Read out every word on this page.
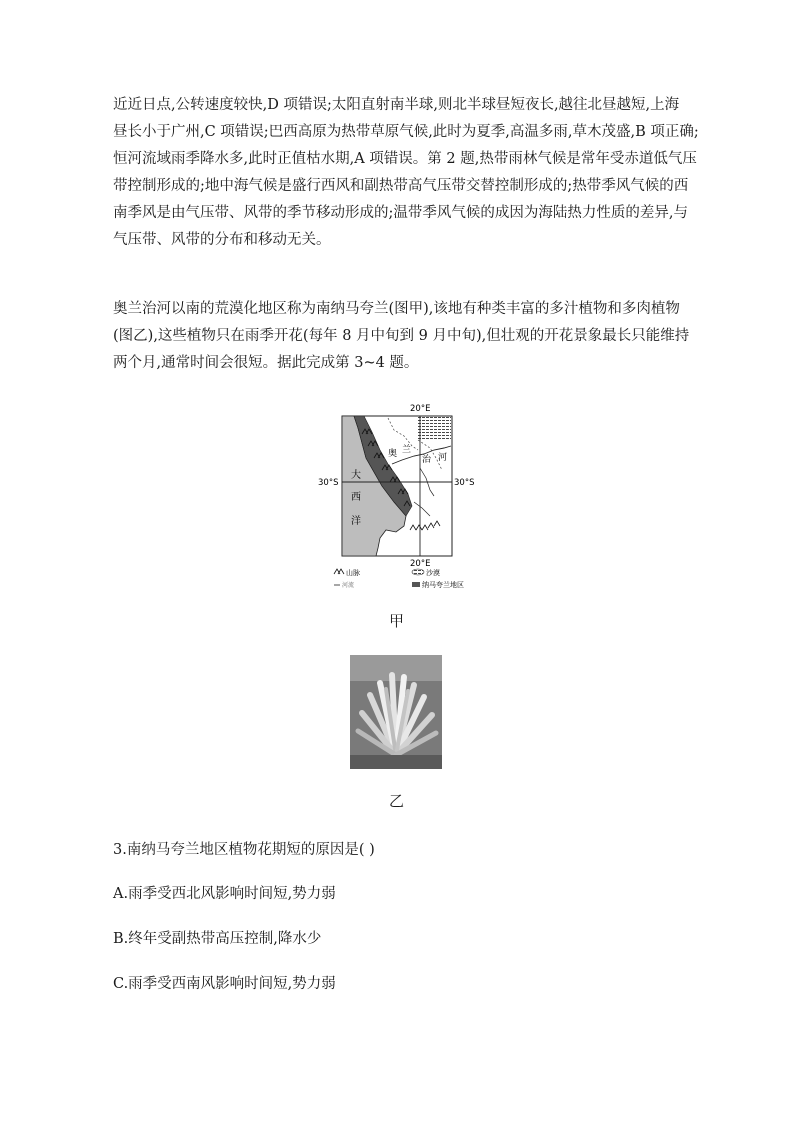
近近日点,公转速度较快,D 项错误;太阳直射南半球,则北半球昼短夜长,越往北昼越短,上海

昼长小于广州,C 项错误;巴西高原为热带草原气候,此时为夏季,高温多雨,草木茂盛,B 项正确;

恒河流域雨季降水多,此时正值枯水期,A 项错误。第 2 题,热带雨林气候是常年受赤道低气压

带控制形成的;地中海气候是盛行西风和副热带高气压带交替控制形成的;热带季风气候的西

南季风是由气压带、风带的季节移动形成的;温带季风气候的成因为海陆热力性质的差异,与

气压带、风带的分布和移动无关。

奥兰治河以南的荒漠化地区称为南纳马夸兰(图甲),该地有种类丰富的多汁植物和多肉植物

(图乙),这些植物只在雨季开花(每年 8 月中旬到 9 月中旬),但壮观的开花景象最长只能维持

两个月,通常时间会很短。据此完成第 3~4 题。

20°E
20°E
30°S	30°S
大
西
洋
奥 兰
治 河
山脉	沙漠
河流	纳马夸兰地区
甲
乙
3.南纳马夸兰地区植物花期短的原因是( )
A.雨季受西北风影响时间短,势力弱
B.终年受副热带高压控制,降水少
C.雨季受西南风影响时间短,势力弱
